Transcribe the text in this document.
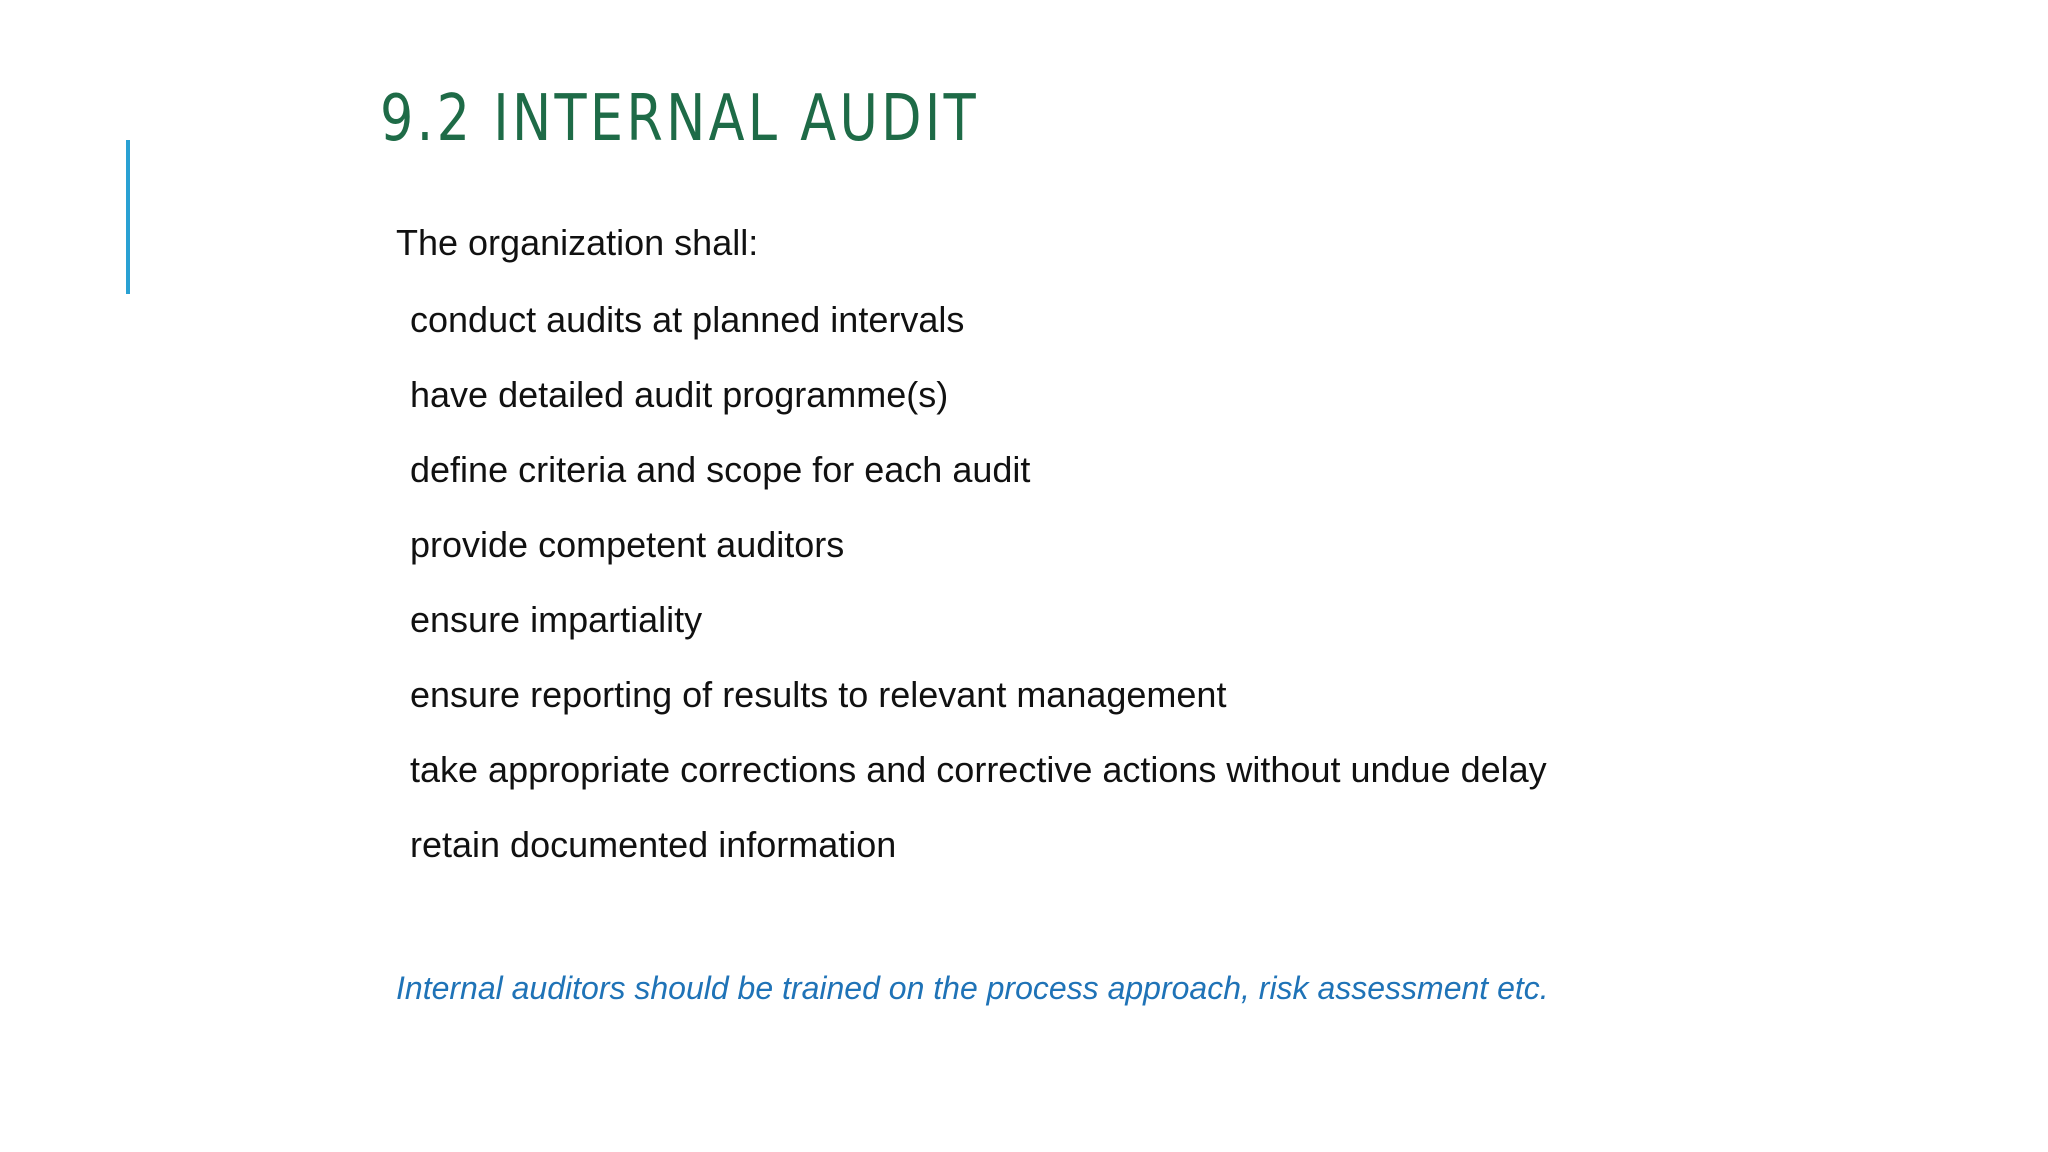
9.2 INTERNAL AUDIT

The organization shall:

conduct audits at planned intervals
have detailed audit programme(s)
define criteria and scope for each audit
provide competent auditors
ensure impartiality
ensure reporting of results to relevant management
take appropriate corrections and corrective actions without undue delay
retain documented information

Internal auditors should be trained on the process approach, risk assessment etc.
